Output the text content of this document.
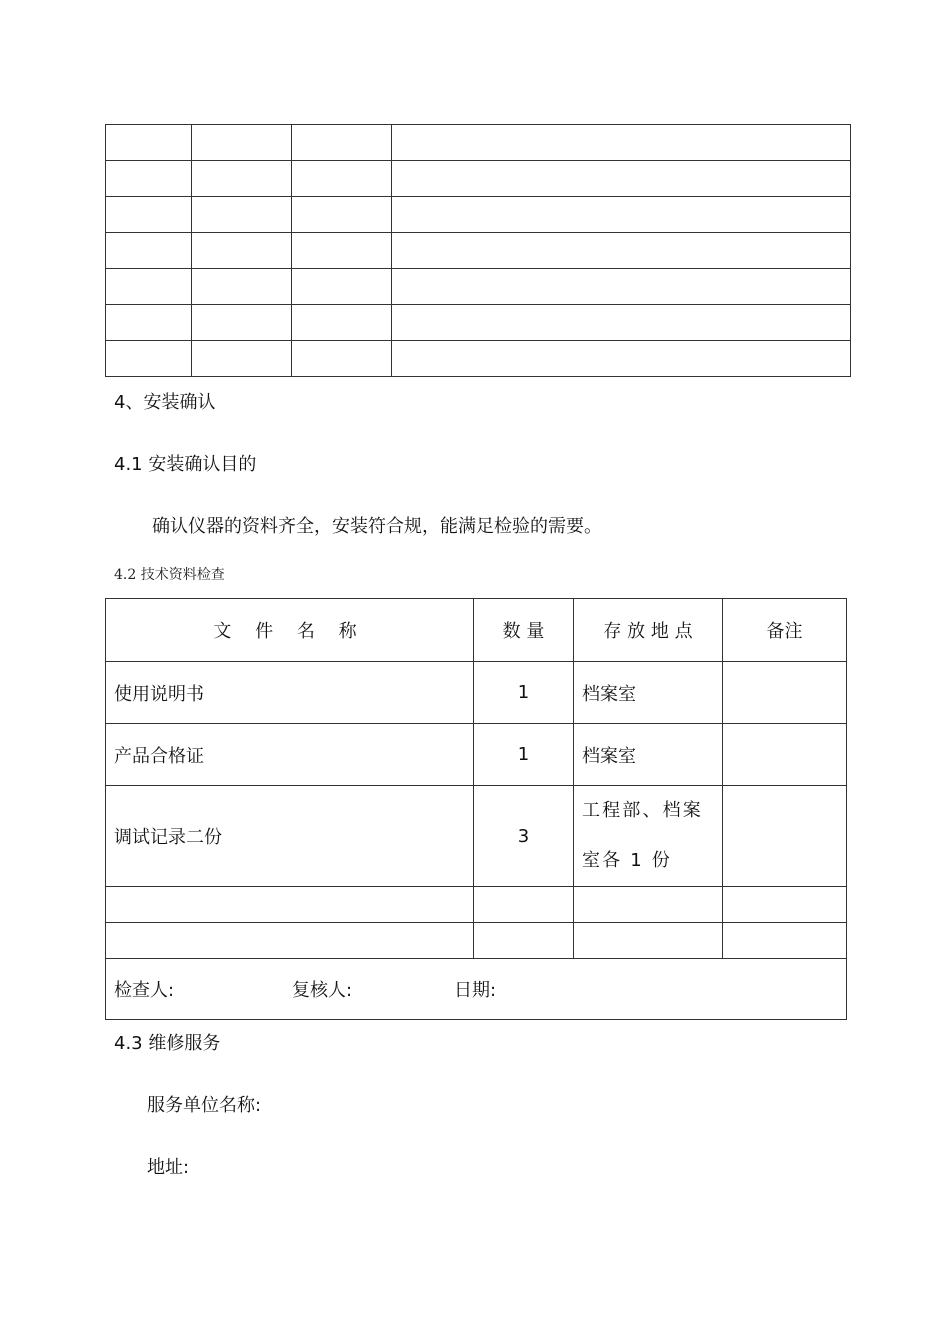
4、安装确认
4.1 安装确认目的

确认仪器的资料齐全，安装符合规，能满足检验的需要。

4.2 技术资料检查
文 件 名 称	数 量	存 放 地 点	备注
使用说明书	1	档案室	
产品合格证	1	档案室	
调试记录二份	3	工程部、档案室各 1 份	

检查人: 复核人: 日期:			
4.3 维修服务

服务单位名称:

地址:
